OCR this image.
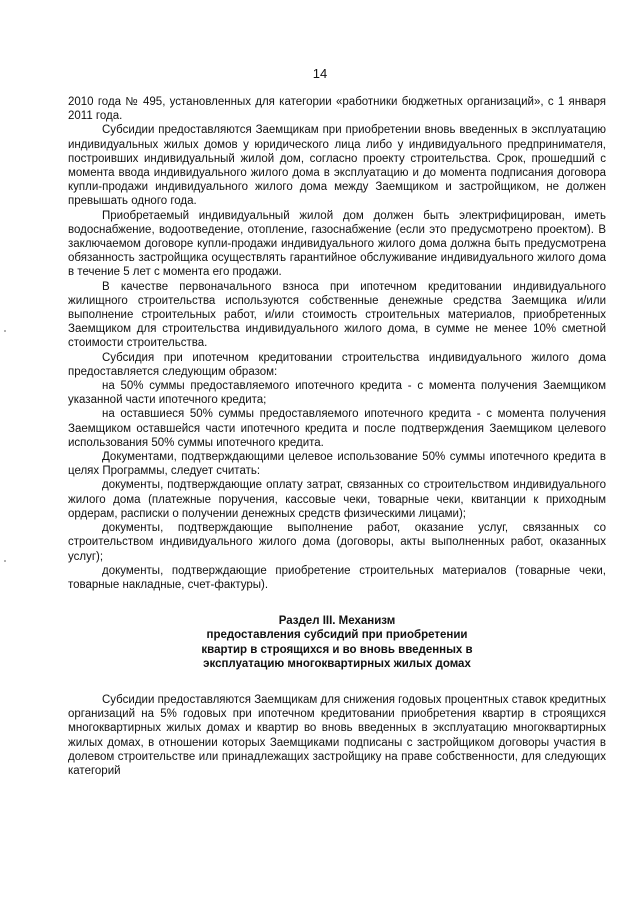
14

2010 года № 495, установленных для категории «работники бюджетных организаций», с 1 января 2011 года.

Субсидии предоставляются Заемщикам при приобретении вновь введенных в эксплуатацию индивидуальных жилых домов у юридического лица либо у индивидуального предпринимателя, построивших индивидуальный жилой дом, согласно проекту строительства. Срок, прошедший с момента ввода индивидуального жилого дома в эксплуатацию и до момента подписания договора купли-продажи индивидуального жилого дома между Заемщиком и застройщиком, не должен превышать одного года.

Приобретаемый индивидуальный жилой дом должен быть электрифицирован, иметь водоснабжение, водоотведение, отопление, газоснабжение (если это предусмотрено проектом). В заключаемом договоре купли-продажи индивидуального жилого дома должна быть предусмотрена обязанность застройщика осуществлять гарантийное обслуживание индивидуального жилого дома в течение 5 лет с момента его продажи.

В качестве первоначального взноса при ипотечном кредитовании индивидуального жилищного строительства используются собственные денежные средства Заемщика и/или выполнение строительных работ, и/или стоимость строительных материалов, приобретенных Заемщиком для строительства индивидуального жилого дома, в сумме не менее 10% сметной стоимости строительства.

Субсидия при ипотечном кредитовании строительства индивидуального жилого дома предоставляется следующим образом:

на 50% суммы предоставляемого ипотечного кредита - с момента получения Заемщиком указанной части ипотечного кредита;

на оставшиеся 50% суммы предоставляемого ипотечного кредита - с момента получения Заемщиком оставшейся части ипотечного кредита и после подтверждения Заемщиком целевого использования 50% суммы ипотечного кредита.

Документами, подтверждающими целевое использование 50% суммы ипотечного кредита в целях Программы, следует считать:

документы, подтверждающие оплату затрат, связанных со строительством индивидуального жилого дома (платежные поручения, кассовые чеки, товарные чеки, квитанции к приходным ордерам, расписки о получении денежных средств физическими лицами);

документы, подтверждающие выполнение работ, оказание услуг, связанных со строительством индивидуального жилого дома (договоры, акты выполненных работ, оказанных услуг);

документы, подтверждающие приобретение строительных материалов (товарные чеки, товарные накладные, счет-фактуры).

Раздел III. Механизм
предоставления субсидий при приобретении
квартир в строящихся и во вновь введенных в
эксплуатацию многоквартирных жилых домах

Субсидии предоставляются Заемщикам для снижения годовых процентных ставок кредитных организаций на 5% годовых при ипотечном кредитовании приобретения квартир в строящихся многоквартирных жилых домах и квартир во вновь введенных в эксплуатацию многоквартирных жилых домах, в отношении которых Заемщиками подписаны с застройщиком договоры участия в долевом строительстве или принадлежащих застройщику на праве собственности, для следующих категорий
